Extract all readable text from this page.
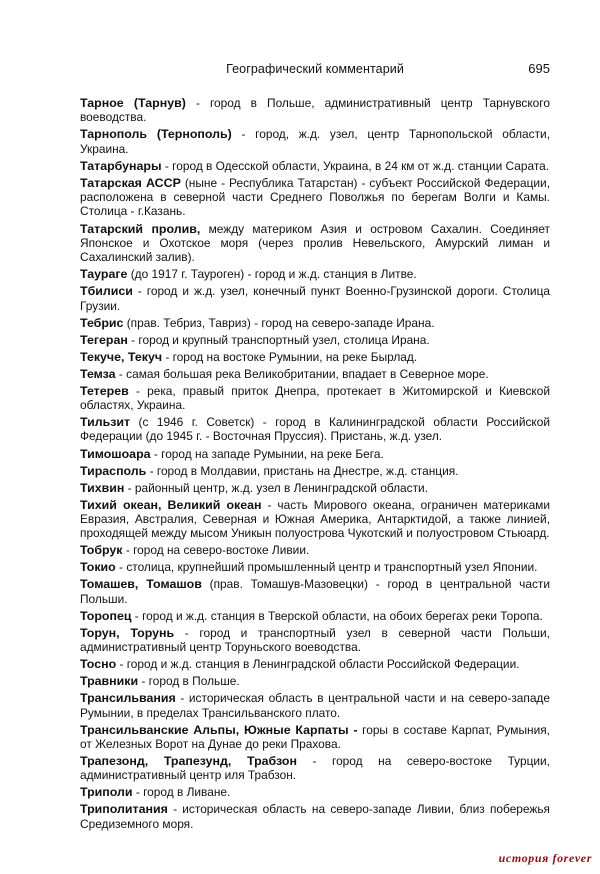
Географический комментарий	695

Тарное (Тарнув) - город в Польше, административный центр Тарнувского воеводства.

Тарнополь (Тернополь) - город, ж.д. узел, центр Тарнопольской области, Украина.

Татарбунары - город в Одесской области, Украина, в 24 км от ж.д. станции Сарата.

Татарская АССР (ныне - Республика Татарстан) - субъект Российской Федерации, расположена в северной части Среднего Поволжья по берегам Волги и Камы. Столица - г.Казань.

Татарский пролив, между материком Азия и островом Сахалин. Соединяет Японское и Охотское моря (через пролив Невельского, Амурский лиман и Сахалинский залив).

Таураге (до 1917 г. Тауроген) - город и ж.д. станция в Литве.

Тбилиси - город и ж.д. узел, конечный пункт Военно-Грузинской дороги. Столица Грузии.

Тебрис (прав. Тебриз, Тавриз) - город на северо-западе Ирана.

Тегеран - город и крупный транспортный узел, столица Ирана.

Текуче, Текуч - город на востоке Румынии, на реке Бырлад.

Темза - самая большая река Великобритании, впадает в Северное море.

Тетерев - река, правый приток Днепра, протекает в Житомирской и Киевской областях, Украина.

Тильзит (с 1946 г. Советск) - город в Калининградской области Российской Федерации (до 1945 г. - Восточная Пруссия). Пристань, ж.д. узел.

Тимошоара - город на западе Румынии, на реке Бега.

Тирасполь - город в Молдавии, пристань на Днестре, ж.д. станция.

Тихвин - районный центр, ж.д. узел в Ленинградской области.

Тихий океан, Великий океан - часть Мирового океана, ограничен материками Евразия, Австралия, Северная и Южная Америка, Антарктидой, а также линией, проходящей между мысом Уникын полуострова Чукотский и полуостровом Стьюард.

Тобрук - город на северо-востоке Ливии.

Токио - столица, крупнейший промышленный центр и транспортный узел Японии.

Томашев, Томашов (прав. Томашув-Мазовецки) - город в центральной части Польши.

Торопец - город и ж.д. станция в Тверской области, на обоих берегах реки Торопа.

Торун, Торунь - город и транспортный узел в северной части Польши, административный центр Торуньского воеводства.

Тосно - город и ж.д. станция в Ленинградской области Российской Федерации.

Травники - город в Польше.

Трансильвания - историческая область в центральной части и на северо-западе Румынии, в пределах Трансильванского плато.

Трансильванские Альпы, Южные Карпаты - горы в составе Карпат, Румыния, от Железных Ворот на Дунае до реки Прахова.

Трапезонд, Трапезунд, Трабзон - город на северо-востоке Турции, административный центр иля Трабзон.

Триполи - город в Ливане.

Триполитания - историческая область на северо-западе Ливии, близ побережья Средиземного моря.

история forever
